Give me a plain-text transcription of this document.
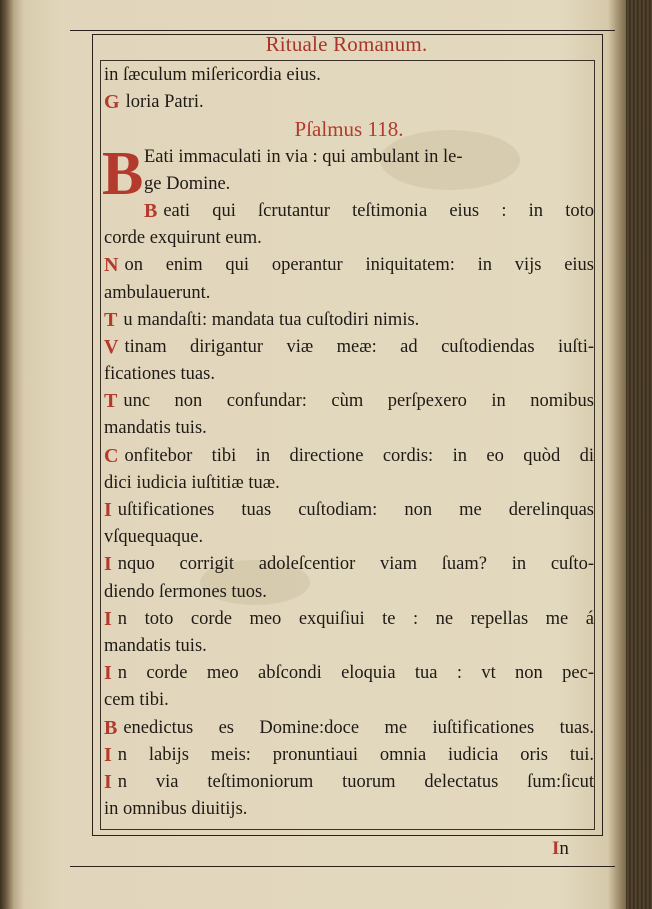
Rituale Romanum.
in ſæculum miſericordia eius.
G loria Patri.
Pſalmus 118.
B Eati immaculati in via : qui ambulant in le-
ge Domine.
B eati qui ſcrutantur teſtimonia eius : in toto
corde exquirunt eum.
N on enim qui operantur iniquitatem: in vijs eius
ambulauerunt.
T u mandaſti: mandata tua cuſtodiri nimis.
V tinam dirigantur viæ meæ: ad cuſtodiendas iuſti-
ficationes tuas.
T unc non confundar: cùm perſpexero in nomibus
mandatis tuis.
C onfitebor tibi in directione cordis: in eo quòd di
dici iudicia iuſtitiæ tuæ.
I uſtificationes tuas cuſtodiam: non me derelinquas
vſquequaque.
I nquo corrigit adoleſcentior viam ſuam? in cuſto-
diendo ſermones tuos.
I n toto corde meo exquiſiui te : ne repellas me á
mandatis tuis.
I n corde meo abſcondi eloquia tua : vt non pec-
cem tibi.
B enedictus es Domine:doce me iuſtificationes tuas.
I n labijs meis: pronuntiaui omnia iudicia oris tui.
I n via teſtimoniorum tuorum delectatus ſum:ſicut
in omnibus diuitijs.
In
